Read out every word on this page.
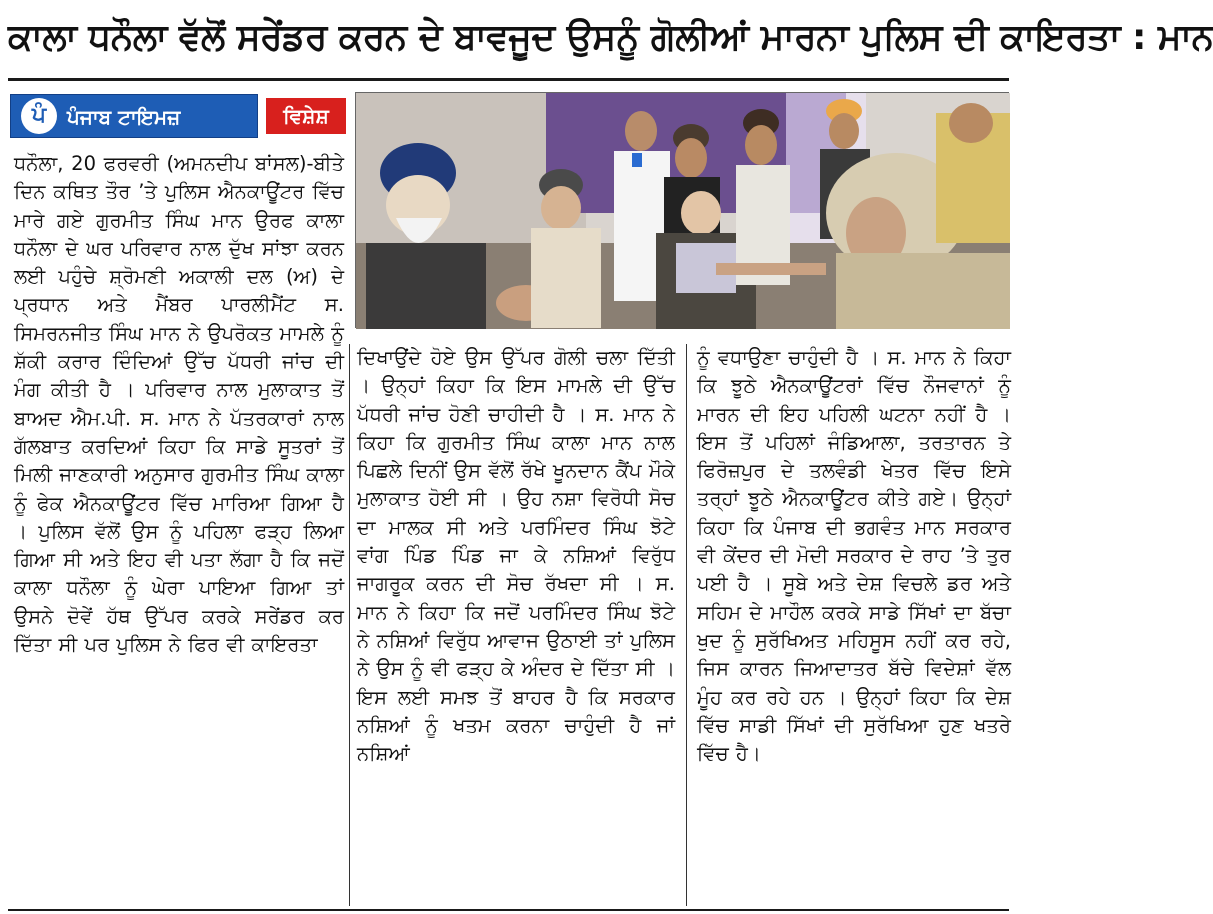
ਕਾਲਾ ਧਨੌਲਾ ਵੱਲੋਂ ਸਰੇਂਡਰ ਕਰਨ ਦੇ ਬਾਵਜੂਦ ਉਸਨੂੰ ਗੋਲੀਆਂ ਮਾਰਨਾ ਪੁਲਿਸ ਦੀ ਕਾਇਰਤਾ : ਮਾਨ
ਪੰ	ਪੰਜਾਬ ਟਾਇਮਜ਼	ਵਿਸ਼ੇਸ਼
ਧਨੌਲਾ, 20 ਫਰਵਰੀ (ਅਮਨਦੀਪ ਬਾਂਸਲ)-ਬੀਤੇ ਦਿਨ ਕਥਿਤ ਤੌਰ ’ਤੇ ਪੁਲਿਸ ਐਨਕਾਊਂਟਰ ਵਿੱਚ ਮਾਰੇ ਗਏ ਗੁਰਮੀਤ ਸਿੰਘ ਮਾਨ ਉਰਫ ਕਾਲਾ ਧਨੌਲਾ ਦੇ ਘਰ ਪਰਿਵਾਰ ਨਾਲ ਦੁੱਖ ਸਾਂਝਾ ਕਰਨ ਲਈ ਪਹੁੰਚੇ ਸ਼੍ਰੋਮਣੀ ਅਕਾਲੀ ਦਲ (ਅ) ਦੇ ਪ੍ਰਧਾਨ ਅਤੇ ਮੈਂਬਰ ਪਾਰਲੀਮੈਂਟ ਸ. ਸਿਮਰਨਜੀਤ ਸਿੰਘ ਮਾਨ ਨੇ ਉਪਰੋਕਤ ਮਾਮਲੇ ਨੂੰ ਸ਼ੱਕੀ ਕਰਾਰ ਦਿੰਦਿਆਂ ਉੱਚ ਪੱਧਰੀ ਜਾਂਚ ਦੀ ਮੰਗ ਕੀਤੀ ਹੈ । ਪਰਿਵਾਰ ਨਾਲ ਮੁਲਾਕਾਤ ਤੋਂ ਬਾਅਦ ਐਮ.ਪੀ. ਸ. ਮਾਨ ਨੇ ਪੱਤਰਕਾਰਾਂ ਨਾਲ ਗੱਲਬਾਤ ਕਰਦਿਆਂ ਕਿਹਾ ਕਿ ਸਾਡੇ ਸੂਤਰਾਂ ਤੋਂ ਮਿਲੀ ਜਾਣਕਾਰੀ ਅਨੁਸਾਰ ਗੁਰਮੀਤ ਸਿੰਘ ਕਾਲਾ ਨੂੰ ਫੇਕ ਐਨਕਾਊਂਟਰ ਵਿੱਚ ਮਾਰਿਆ ਗਿਆ ਹੈ । ਪੁਲਿਸ ਵੱਲੋਂ ਉਸ ਨੂੰ ਪਹਿਲਾ ਫੜ੍ਹ ਲਿਆ ਗਿਆ ਸੀ ਅਤੇ ਇਹ ਵੀ ਪਤਾ ਲੱਗਾ ਹੈ ਕਿ ਜਦੋਂ ਕਾਲਾ ਧਨੌਲਾ ਨੂੰ ਘੇਰਾ ਪਾਇਆ ਗਿਆ ਤਾਂ ਉਸਨੇ ਦੋਵੇਂ ਹੱਥ ਉੱਪਰ ਕਰਕੇ ਸਰੇਂਡਰ ਕਰ ਦਿੱਤਾ ਸੀ ਪਰ ਪੁਲਿਸ ਨੇ ਫਿਰ ਵੀ ਕਾਇਰਤਾ
ਦਿਖਾਉਂਦੇ ਹੋਏ ਉਸ ਉੱਪਰ ਗੋਲੀ ਚਲਾ ਦਿੱਤੀ । ਉਨ੍ਹਾਂ ਕਿਹਾ ਕਿ ਇਸ ਮਾਮਲੇ ਦੀ ਉੱਚ ਪੱਧਰੀ ਜਾਂਚ ਹੋਣੀ ਚਾਹੀਦੀ ਹੈ । ਸ. ਮਾਨ ਨੇ ਕਿਹਾ ਕਿ ਗੁਰਮੀਤ ਸਿੰਘ ਕਾਲਾ ਮਾਨ ਨਾਲ ਪਿਛਲੇ ਦਿਨੀਂ ਉਸ ਵੱਲੋਂ ਰੱਖੇ ਖੂਨਦਾਨ ਕੈਂਪ ਮੌਕੇ ਮੁਲਾਕਾਤ ਹੋਈ ਸੀ । ਉਹ ਨਸ਼ਾ ਵਿਰੋਧੀ ਸੋਚ ਦਾ ਮਾਲਕ ਸੀ ਅਤੇ ਪਰਮਿੰਦਰ ਸਿੰਘ ਝੋਟੇ ਵਾਂਗ ਪਿੰਡ ਪਿੰਡ ਜਾ ਕੇ ਨਸ਼ਿਆਂ ਵਿਰੁੱਧ ਜਾਗਰੂਕ ਕਰਨ ਦੀ ਸੋਚ ਰੱਖਦਾ ਸੀ । ਸ. ਮਾਨ ਨੇ ਕਿਹਾ ਕਿ ਜਦੋਂ ਪਰਮਿੰਦਰ ਸਿੰਘ ਝੋਟੇ ਨੇ ਨਸ਼ਿਆਂ ਵਿਰੁੱਧ ਆਵਾਜ ਉਠਾਈ ਤਾਂ ਪੁਲਿਸ ਨੇ ਉਸ ਨੂੰ ਵੀ ਫੜ੍ਹ ਕੇ ਅੰਦਰ ਦੇ ਦਿੱਤਾ ਸੀ । ਇਸ ਲਈ ਸਮਝ ਤੋਂ ਬਾਹਰ ਹੈ ਕਿ ਸਰਕਾਰ ਨਸ਼ਿਆਂ ਨੂੰ ਖਤਮ ਕਰਨਾ ਚਾਹੁੰਦੀ ਹੈ ਜਾਂ ਨਸ਼ਿਆਂ
ਨੂੰ ਵਧਾਉਣਾ ਚਾਹੁੰਦੀ ਹੈ । ਸ. ਮਾਨ ਨੇ ਕਿਹਾ ਕਿ ਝੂਠੇ ਐਨਕਾਊਂਟਰਾਂ ਵਿੱਚ ਨੌਜਵਾਨਾਂ ਨੂੰ ਮਾਰਨ ਦੀ ਇਹ ਪਹਿਲੀ ਘਟਨਾ ਨਹੀਂ ਹੈ । ਇਸ ਤੋਂ ਪਹਿਲਾਂ ਜੰਡਿਆਲਾ, ਤਰਤਾਰਨ ਤੇ ਫਿਰੋਜ਼ਪੁਰ ਦੇ ਤਲਵੰਡੀ ਖੇਤਰ ਵਿੱਚ ਇਸੇ ਤਰ੍ਹਾਂ ਝੂਠੇ ਐਨਕਾਊਂਟਰ ਕੀਤੇ ਗਏ। ਉਨ੍ਹਾਂ ਕਿਹਾ ਕਿ ਪੰਜਾਬ ਦੀ ਭਗਵੰਤ ਮਾਨ ਸਰਕਾਰ ਵੀ ਕੇਂਦਰ ਦੀ ਮੋਦੀ ਸਰਕਾਰ ਦੇ ਰਾਹ ’ਤੇ ਤੁਰ ਪਈ ਹੈ । ਸੂਬੇ ਅਤੇ ਦੇਸ਼ ਵਿਚਲੇ ਡਰ ਅਤੇ ਸਹਿਮ ਦੇ ਮਾਹੌਲ ਕਰਕੇ ਸਾਡੇ ਸਿੱਖਾਂ ਦਾ ਬੱਚਾ ਖੁਦ ਨੂੰ ਸੁਰੱਖਿਅਤ ਮਹਿਸੂਸ ਨਹੀਂ ਕਰ ਰਹੇ, ਜਿਸ ਕਾਰਨ ਜਿਆਦਾਤਰ ਬੱਚੇ ਵਿਦੇਸ਼ਾਂ ਵੱਲ ਮੂੰਹ ਕਰ ਰਹੇ ਹਨ । ਉਨ੍ਹਾਂ ਕਿਹਾ ਕਿ ਦੇਸ਼ ਵਿੱਚ ਸਾਡੀ ਸਿੱਖਾਂ ਦੀ ਸੁਰੱਖਿਆ ਹੁਣ ਖਤਰੇ ਵਿੱਚ ਹੈ।
